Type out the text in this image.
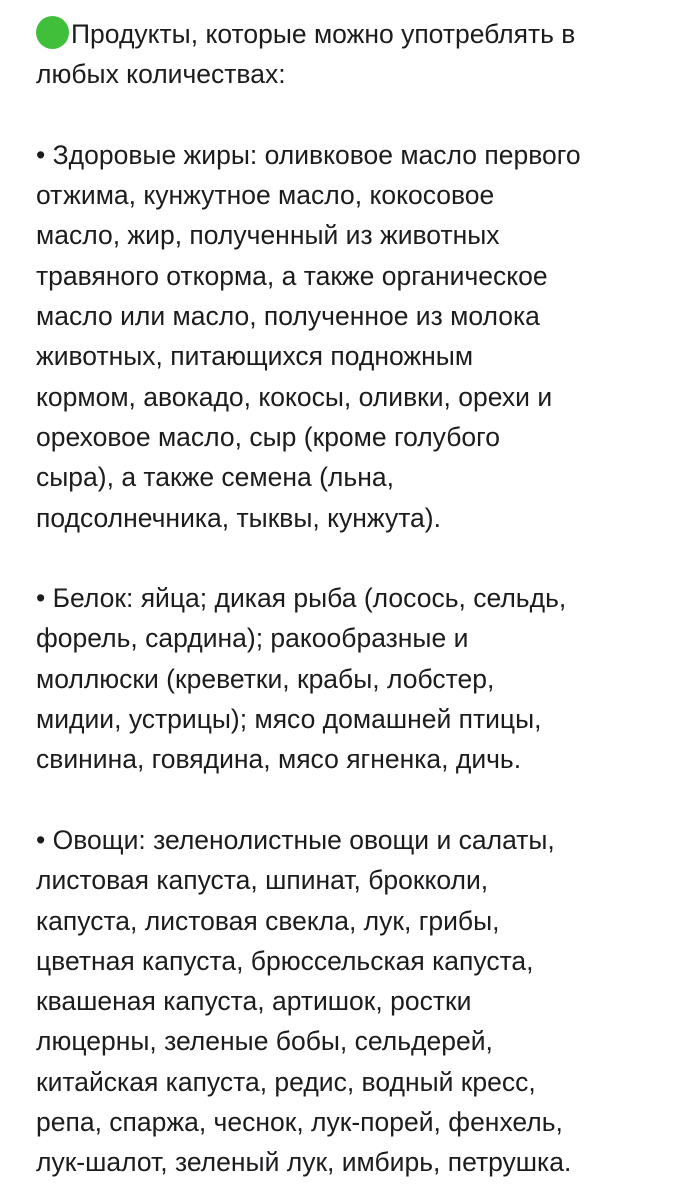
Продукты, которые можно употреблять в
любых количествах:

• Здоровые жиры: оливковое масло первого
отжима, кунжутное масло, кокосовое
масло, жир, полученный из животных
травяного откорма, а также органическое
масло или масло, полученное из молока
животных, питающихся подножным
кормом, авокадо, кокосы, оливки, орехи и
ореховое масло, сыр (кроме голубого
сыра), а также семена (льна,
подсолнечника, тыквы, кунжута).

• Белок: яйца; дикая рыба (лосось, сельдь,
форель, сардина); ракообразные и
моллюски (креветки, крабы, лобстер,
мидии, устрицы); мясо домашней птицы,
свинина, говядина, мясо ягненка, дичь.

• Овощи: зеленолистные овощи и салаты,
листовая капуста, шпинат, брокколи,
капуста, листовая свекла, лук, грибы,
цветная капуста, брюссельская капуста,
квашеная капуста, артишок, ростки
люцерны, зеленые бобы, сельдерей,
китайская капуста, редис, водный кресс,
репа, спаржа, чеснок, лук-порей, фенхель,
лук-шалот, зеленый лук, имбирь, петрушка.
